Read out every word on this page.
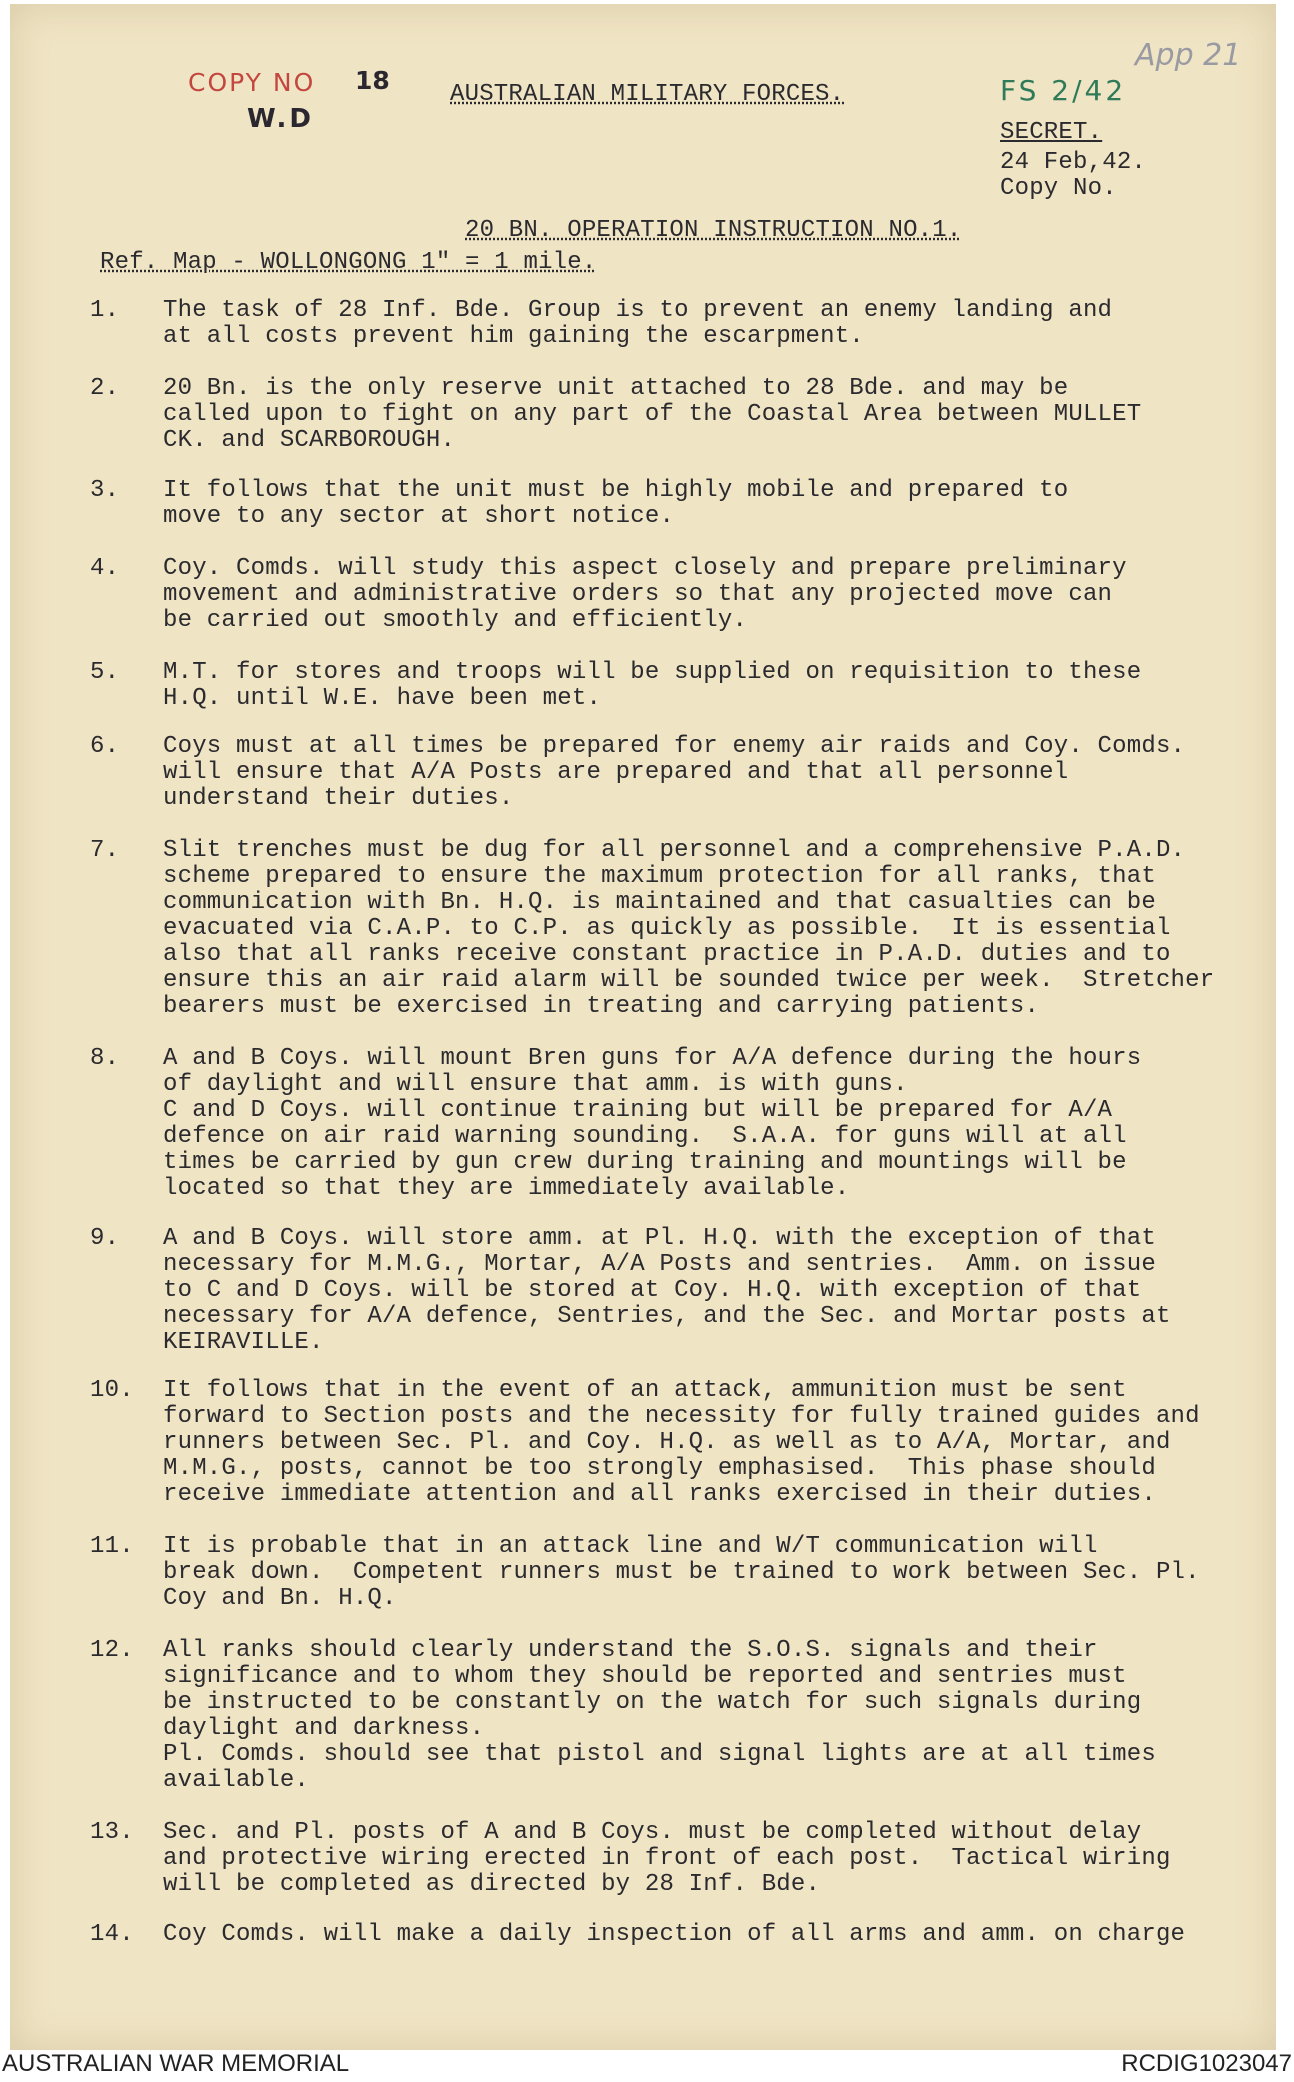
COPY NO 18
W.D
FS 2/42
App 21
AUSTRALIAN MILITARY FORCES.
SECRET.
24 Feb,42.
Copy No.
20 BN. OPERATION INSTRUCTION NO.1.
Ref. Map - WOLLONGONG 1" = 1 mile.
1.	The task of 28 Inf. Bde. Group is to prevent an enemy landing and
at all costs prevent him gaining the escarpment.
2.	20 Bn. is the only reserve unit attached to 28 Bde. and may be
called upon to fight on any part of the Coastal Area between MULLET
CK. and SCARBOROUGH.
3.	It follows that the unit must be highly mobile and prepared to
move to any sector at short notice.
4.	Coy. Comds. will study this aspect closely and prepare preliminary
movement and administrative orders so that any projected move can
be carried out smoothly and efficiently.
5.	M.T. for stores and troops will be supplied on requisition to these
H.Q. until W.E. have been met.
6.	Coys must at all times be prepared for enemy air raids and Coy. Comds.
will ensure that A/A Posts are prepared and that all personnel
understand their duties.
7.	Slit trenches must be dug for all personnel and a comprehensive P.A.D.
scheme prepared to ensure the maximum protection for all ranks, that
communication with Bn. H.Q. is maintained and that casualties can be
evacuated via C.A.P. to C.P. as quickly as possible.  It is essential
also that all ranks receive constant practice in P.A.D. duties and to
ensure this an air raid alarm will be sounded twice per week.  Stretcher
bearers must be exercised in treating and carrying patients.
8.	A and B Coys. will mount Bren guns for A/A defence during the hours
of daylight and will ensure that amm. is with guns.
C and D Coys. will continue training but will be prepared for A/A
defence on air raid warning sounding.  S.A.A. for guns will at all
times be carried by gun crew during training and mountings will be
located so that they are immediately available.
9.	A and B Coys. will store amm. at Pl. H.Q. with the exception of that
necessary for M.M.G., Mortar, A/A Posts and sentries.  Amm. on issue
to C and D Coys. will be stored at Coy. H.Q. with exception of that
necessary for A/A defence, Sentries, and the Sec. and Mortar posts at
KEIRAVILLE.
10.	It follows that in the event of an attack, ammunition must be sent
forward to Section posts and the necessity for fully trained guides and
runners between Sec. Pl. and Coy. H.Q. as well as to A/A, Mortar, and
M.M.G., posts, cannot be too strongly emphasised.  This phase should
receive immediate attention and all ranks exercised in their duties.
11.	It is probable that in an attack line and W/T communication will
break down.  Competent runners must be trained to work between Sec. Pl.
Coy and Bn. H.Q.
12.	All ranks should clearly understand the S.O.S. signals and their
significance and to whom they should be reported and sentries must
be instructed to be constantly on the watch for such signals during
daylight and darkness.
Pl. Comds. should see that pistol and signal lights are at all times
available.
13.	Sec. and Pl. posts of A and B Coys. must be completed without delay
and protective wiring erected in front of each post.  Tactical wiring
will be completed as directed by 28 Inf. Bde.
14.	Coy Comds. will make a daily inspection of all arms and amm. on charge
AUSTRALIAN WAR MEMORIAL	RCDIG1023047
